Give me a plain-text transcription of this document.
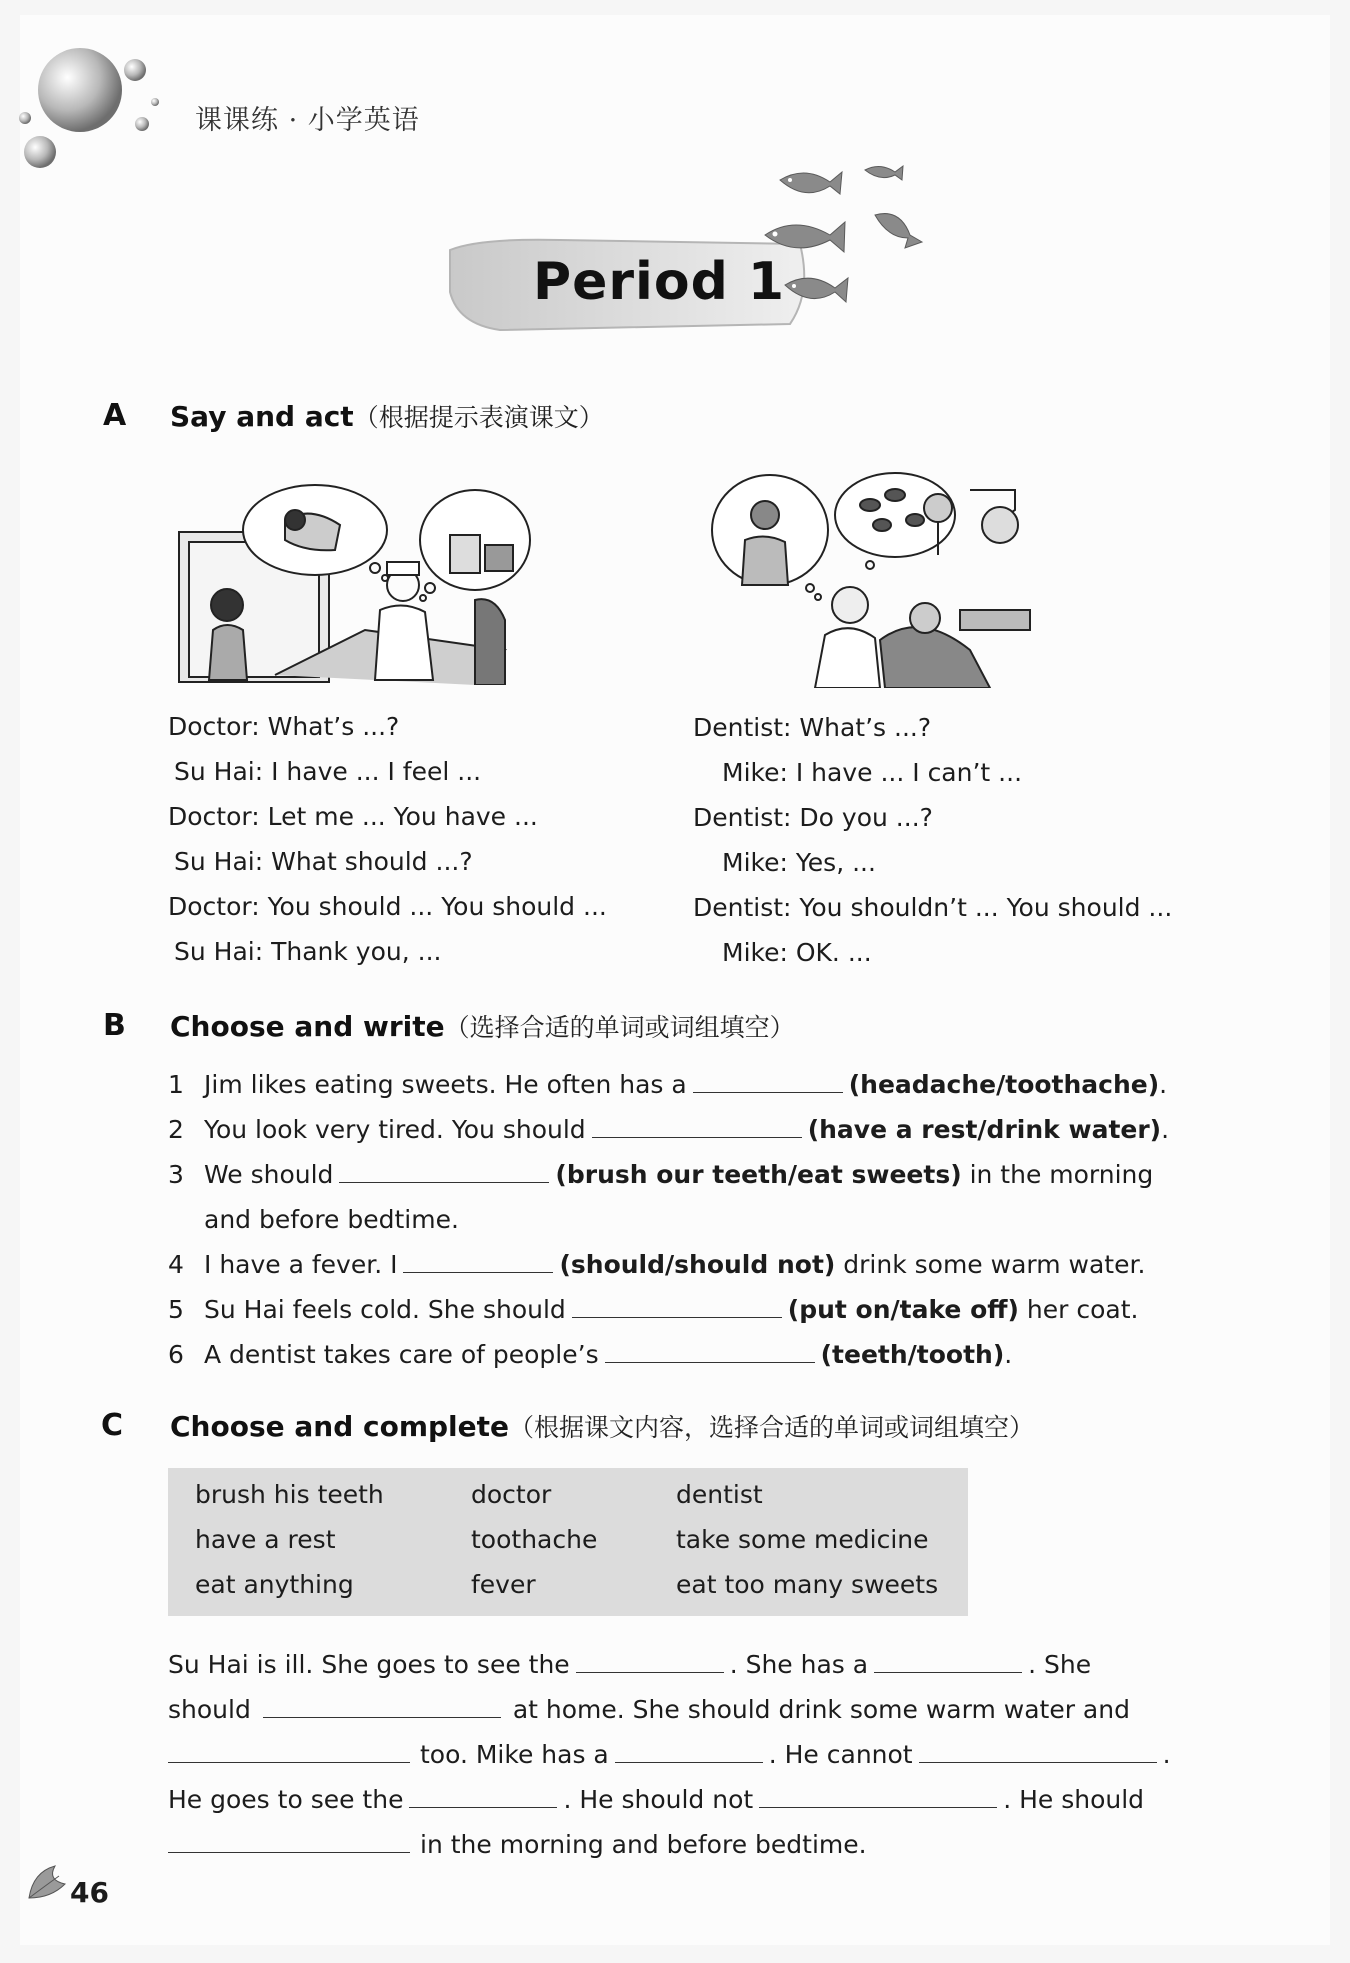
课课练 · 小学英语
Period 1
A Say and act（根据提示表演课文）
Doctor: What’s ...?
Su Hai: I have ... I feel ...
Doctor: Let me ... You have ...
Su Hai: What should ...?
Doctor: You should ... You should ...
Su Hai: Thank you, ...
Dentist: What’s ...?
Mike: I have ... I can’t ...
Dentist: Do you ...?
Mike: Yes, ...
Dentist: You shouldn’t ... You should ...
Mike: OK. ...
B Choose and write（选择合适的单词或词组填空）
1 Jim likes eating sweets. He often has a	(headache/toothache).
2 You look very tired. You should	(have a rest/drink water).
3 We should	(brush our teeth/eat sweets) in the morning
and before bedtime.
4 I have a fever. I	(should/should not) drink some warm water.
5 Su Hai feels cold. She should	(put on/take off) her coat.
6 A dentist takes care of people’s	(teeth/tooth).
C Choose and complete（根据课文内容，选择合适的单词或词组填空）
brush his teeth	doctor	dentist
have a rest	toothache	take some medicine
eat anything	fever	eat too many sweets
Su Hai is ill. She goes to see the	. She has a	. She
should	at home. She should drink some warm water and
too. Mike has a	. He cannot	.
He goes to see the	. He should not	. He should
in the morning and before bedtime.
46
